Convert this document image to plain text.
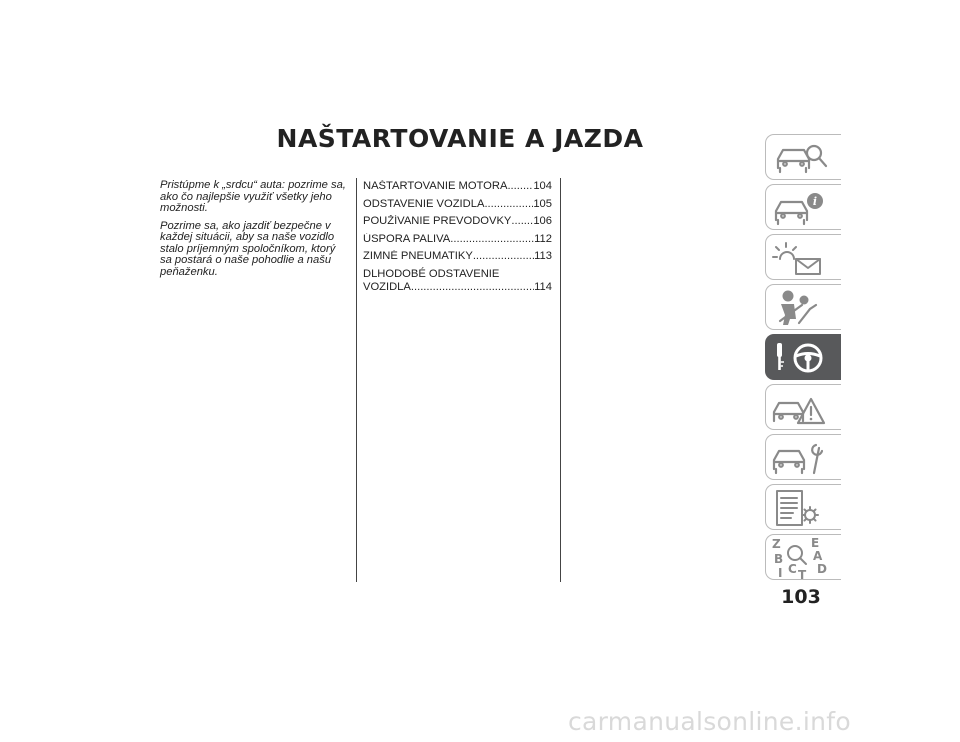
NAŠTARTOVANIE A JAZDA

Pristúpme k „srdcu“ auta: pozrime sa, ako čo najlepšie využiť všetky jeho možnosti.

Pozrime sa, ako jazdiť bezpečne v každej situácii, aby sa naše vozidlo stalo príjemným spoločníkom, ktorý sa postará o naše pohodlie a našu peňaženku.

NAŠTARTOVANIE MOTORA ..... 104
ODSTAVENIE VOZIDLA .....	105
POUŽÍVANIE PREVODOVKY ..... 106
ÚSPORA PALIVA .....	112
ZIMNÉ PNEUMATIKY .....	113
DLHODOBÉ ODSTAVENIE
VOZIDLA .....	114
i
Z	E
B A
I C T D
103
carmanualsonline.info
